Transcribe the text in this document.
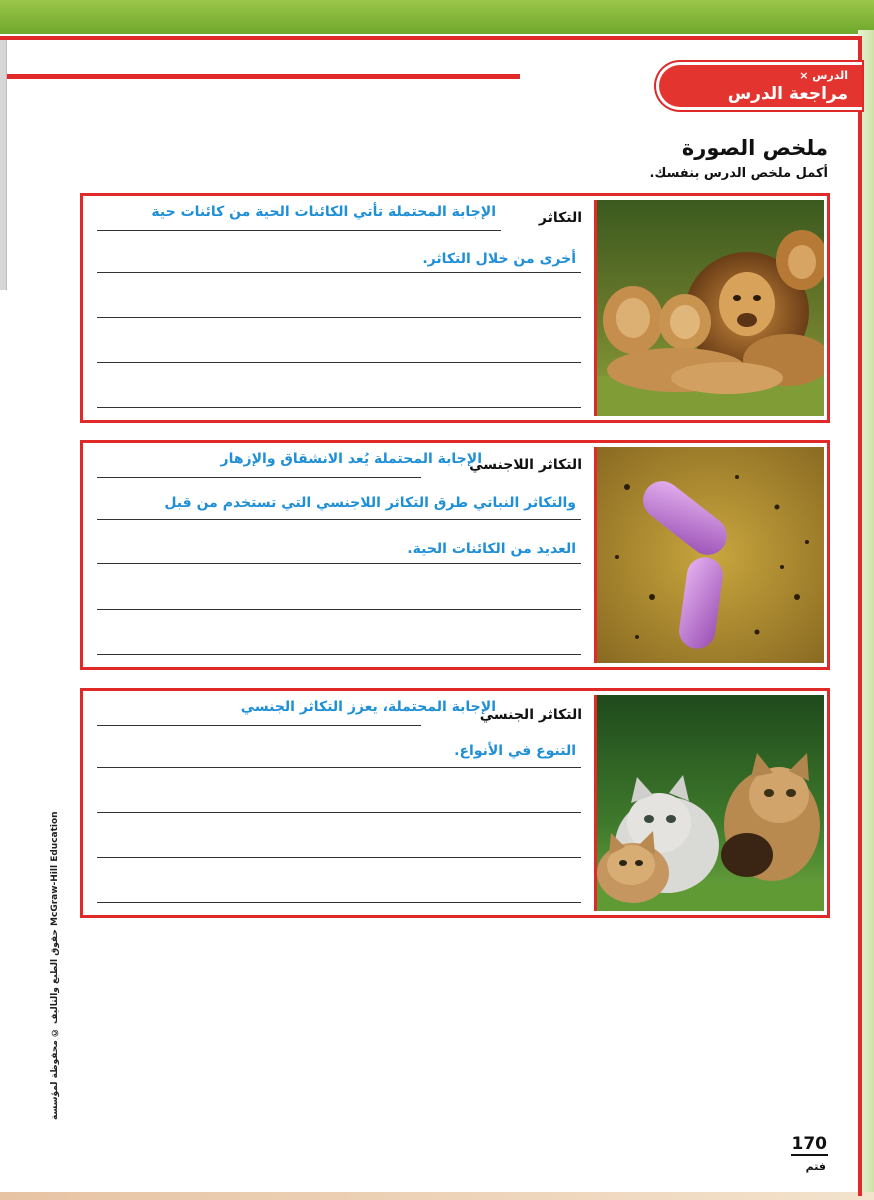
الدرس ×
مراجعة الدرس
ملخص الصورة
أكمل ملخص الدرس بنفسك.
التكاثر
الإجابة المحتملة تأتي الكائنات الحية من كائنات حية
أخرى من خلال التكاثر.
التكاثر اللاجنسي
الإجابة المحتملة يُعد الانشقاق والإزهار
والتكاثر النباتي طرق التكاثر اللاجنسي التي تستخدم من قبل
العديد من الكائنات الحية.
التكاثر الجنسي
الإجابة المحتملة، يعزز التكاثر الجنسي
التنوع في الأنواع.
حقوق الطبع والتأليف © محفوظة لمؤسسة McGraw-Hill Education
170
فتم
